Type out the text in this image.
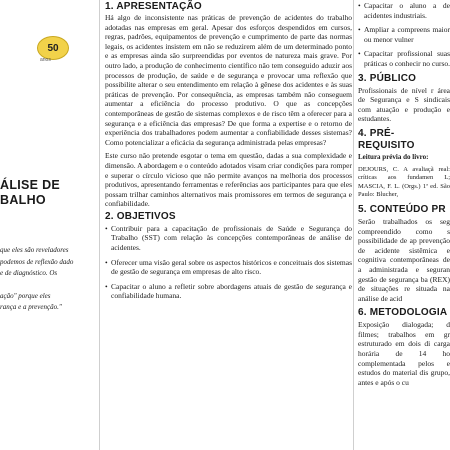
50
anos
ÁLISE DE
BALHO
que eles são reveladores
podemos de reflexão dado
e de diagnóstico. Os
ação" porque eles
rança e a prevenção."
1. APRESENTAÇÃO

Há algo de inconsistente nas práticas de prevenção de acidentes do trabalho adotadas nas empresas em geral. Apesar dos esforços despendidos em cursos, regras, padrões, equipamentos de prevenção e cumprimento de parte das normas legais, os acidentes insistem em não se reduzirem além de um determinado ponto e as empresas ainda são surpreendidas por eventos de natureza mais grave. Por outro lado, a produção de conhecimento científico não tem conseguido aduzir aos processos de produção, de saúde e de segurança e provocar uma reflexão que possibilite alterar o seu entendimento em relação à gênese dos acidentes e às suas práticas de prevenção. Por consequência, as empresas também não conseguem aumentar a eficiência do processo produtivo. O que as concepções contemporâneas de gestão de sistemas complexos e de risco têm a oferecer para a segurança e a eficiência das empresas? De que forma a expertise e o retorno de experiência dos trabalhadores podem aumentar a confiabilidade desses sistemas? Como potencializar a eficácia da segurança administrada pelas empresas?

Este curso não pretende esgotar o tema em questão, dadas a sua complexidade e dimensão. A abordagem e o conteúdo adotados visam criar condições para romper e superar o círculo vicioso que não permite avanços na melhoria dos processos produtivos, apresentando ferramentas e referências aos participantes para que eles possam trilhar caminhos alternativos mais promissores em termos de segurança e confiabilidade.

2. OBJETIVOS
• Contribuir para a capacitação de profissionais de Saúde e Segurança do Trabalho (SST) com relação às concepções contemporâneas de análise de acidentes.

• Oferecer uma visão geral sobre os aspectos históricos e conceituais dos sistemas de gestão de segurança em empresas de alto risco.

• Capacitar o aluno a refletir sobre abordagens atuais de gestão de segurança e confiabilidade humana.

• Capacitar o aluno a de acidentes industriais.

• Ampliar a compreens maior ou menor vulner

• Capacitar profissional suas práticas o conhecir no curso.

3. PÚBLICO

Profissionais de nível r área de Segurança e S sindicais com atuação e produção e estudantes.

4. PRÉ-REQUISITO
Leitura prévia do livro:

DEJOURS, C. A avaliaçã real: críticas aos fundamen L; MASCIA, F. L. (Orgs.) 1ª ed. São Paulo: Blucher,

5. CONTEÚDO PR

Serão trabalhados os seg compreendido como s possibilidade de ap prevenção de acidente sistêmica e cognitiva contemporâneas de a administrada e seguran gestão de segurança ba (REX) de situações re situada na análise de acid

6. METODOLOGIA

Exposição dialogada; d filmes; trabalhos em gr estruturado em dois di carga horária de 14 ho complementada pelos e estudos do material dis grupo, antes e após o cu
